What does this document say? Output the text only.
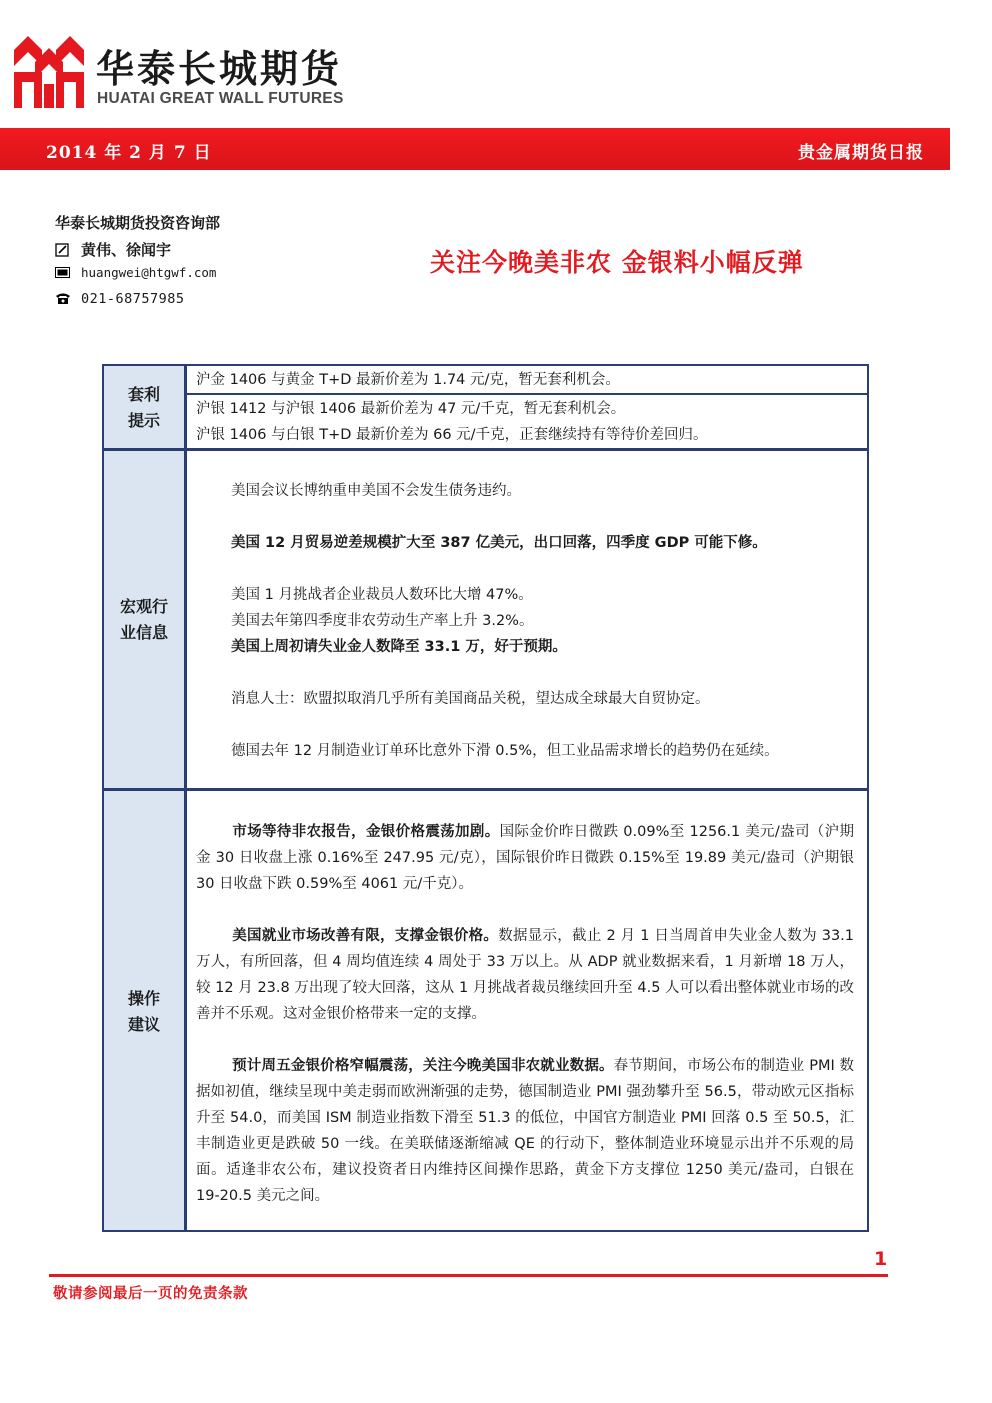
华泰长城期货
HUATAI GREAT WALL FUTURES
2014 年 2 月 7 日	贵金属期货日报
华泰长城期货投资咨询部
黄伟、徐闻宇
huangwei@htgwf.com
021-68757985
关注今晚美非农 金银料小幅反弹
套利
提示
沪金 1406 与黄金 T+D 最新价差为 1.74 元/克，暂无套利机会。
沪银 1412 与沪银 1406 最新价差为 47 元/千克，暂无套利机会。
沪银 1406 与白银 T+D 最新价差为 66 元/千克，正套继续持有等待价差回归。
宏观行
业信息
美国会议长博纳重申美国不会发生债务违约。
美国 12 月贸易逆差规模扩大至 387 亿美元，出口回落，四季度 GDP 可能下修。
美国 1 月挑战者企业裁员人数环比大增 47%。
美国去年第四季度非农劳动生产率上升 3.2%。
美国上周初请失业金人数降至 33.1 万，好于预期。
消息人士：欧盟拟取消几乎所有美国商品关税，望达成全球最大自贸协定。
德国去年 12 月制造业订单环比意外下滑 0.5%，但工业品需求增长的趋势仍在延续。
操作
建议
市场等待非农报告，金银价格震荡加剧。国际金价昨日微跌 0.09%至 1256.1 美元/盎司（沪期金 30 日收盘上涨 0.16%至 247.95 元/克），国际银价昨日微跌 0.15%至 19.89 美元/盎司（沪期银 30 日收盘下跌 0.59%至 4061 元/千克）。
美国就业市场改善有限，支撑金银价格。数据显示，截止 2 月 1 日当周首申失业金人数为 33.1 万人，有所回落，但 4 周均值连续 4 周处于 33 万以上。从 ADP 就业数据来看，1 月新增 18 万人，较 12 月 23.8 万出现了较大回落，这从 1 月挑战者裁员继续回升至 4.5 人可以看出整体就业市场的改善并不乐观。这对金银价格带来一定的支撑。
预计周五金银价格窄幅震荡，关注今晚美国非农就业数据。春节期间，市场公布的制造业 PMI 数据如初值，继续呈现中美走弱而欧洲渐强的走势，德国制造业 PMI 强劲攀升至 56.5，带动欧元区指标升至 54.0，而美国 ISM 制造业指数下滑至 51.3 的低位，中国官方制造业 PMI 回落 0.5 至 50.5，汇丰制造业更是跌破 50 一线。在美联储逐渐缩减 QE 的行动下，整体制造业环境显示出并不乐观的局面。适逢非农公布，建议投资者日内维持区间操作思路，黄金下方支撑位 1250 美元/盎司，白银在 19-20.5 美元之间。
1
敬请参阅最后一页的免责条款
